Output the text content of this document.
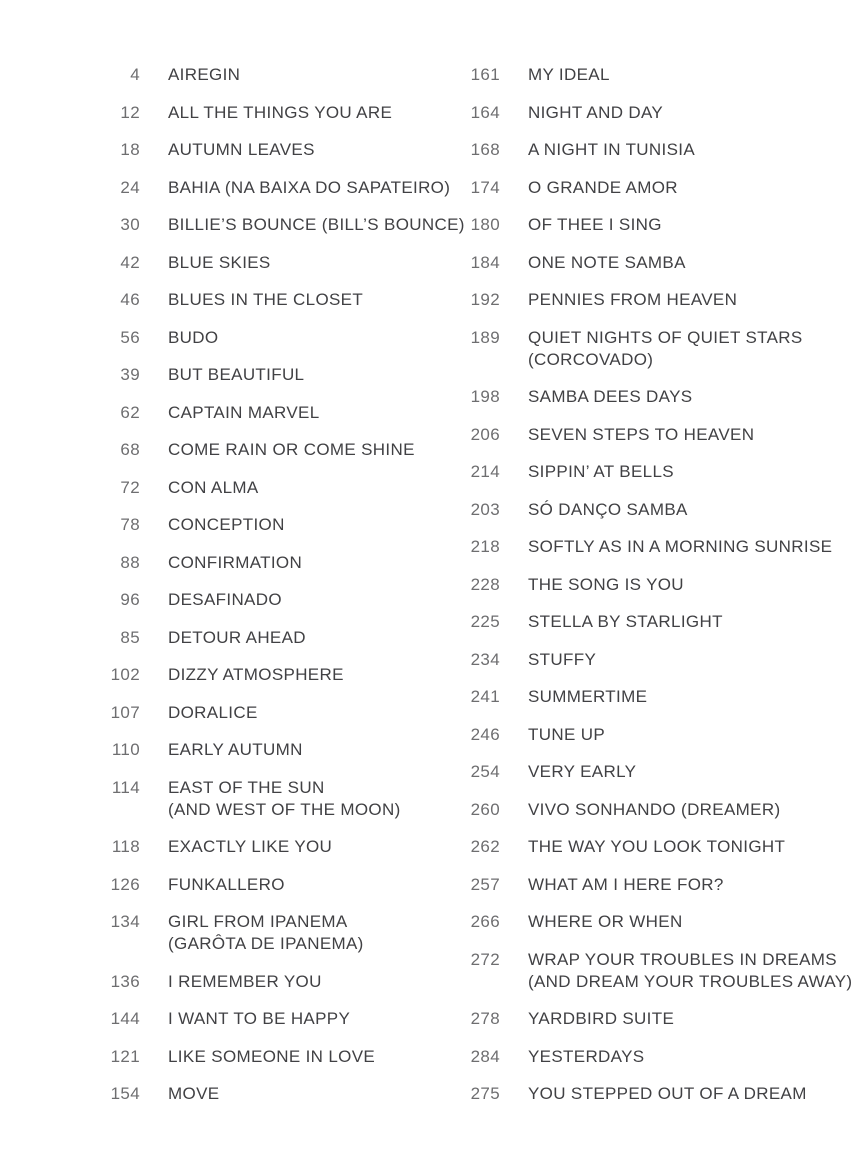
4 AIREGIN
12 ALL THE THINGS YOU ARE
18 AUTUMN LEAVES
24 BAHIA (NA BAIXA DO SAPATEIRO)
30 BILLIE’S BOUNCE (BILL’S BOUNCE)
42 BLUE SKIES
46 BLUES IN THE CLOSET
56 BUDO
39 BUT BEAUTIFUL
62 CAPTAIN MARVEL
68 COME RAIN OR COME SHINE
72 CON ALMA
78 CONCEPTION
88 CONFIRMATION
96 DESAFINADO
85 DETOUR AHEAD
102 DIZZY ATMOSPHERE
107 DORALICE
110 EARLY AUTUMN
114 EAST OF THE SUN
(AND WEST OF THE MOON)
118 EXACTLY LIKE YOU
126 FUNKALLERO
134 GIRL FROM IPANEMA
(GARÔTA DE IPANEMA)
136 I REMEMBER YOU
144 I WANT TO BE HAPPY
121 LIKE SOMEONE IN LOVE
154 MOVE
161 MY IDEAL
164 NIGHT AND DAY
168 A NIGHT IN TUNISIA
174 O GRANDE AMOR
180 OF THEE I SING
184 ONE NOTE SAMBA
192 PENNIES FROM HEAVEN
189 QUIET NIGHTS OF QUIET STARS
(CORCOVADO)
198 SAMBA DEES DAYS
206 SEVEN STEPS TO HEAVEN
214 SIPPIN’ AT BELLS
203 SÓ DANÇO SAMBA
218 SOFTLY AS IN A MORNING SUNRISE
228 THE SONG IS YOU
225 STELLA BY STARLIGHT
234 STUFFY
241 SUMMERTIME
246 TUNE UP
254 VERY EARLY
260 VIVO SONHANDO (DREAMER)
262 THE WAY YOU LOOK TONIGHT
257 WHAT AM I HERE FOR?
266 WHERE OR WHEN
272 WRAP YOUR TROUBLES IN DREAMS
(AND DREAM YOUR TROUBLES AWAY)
278 YARDBIRD SUITE
284 YESTERDAYS
275 YOU STEPPED OUT OF A DREAM
